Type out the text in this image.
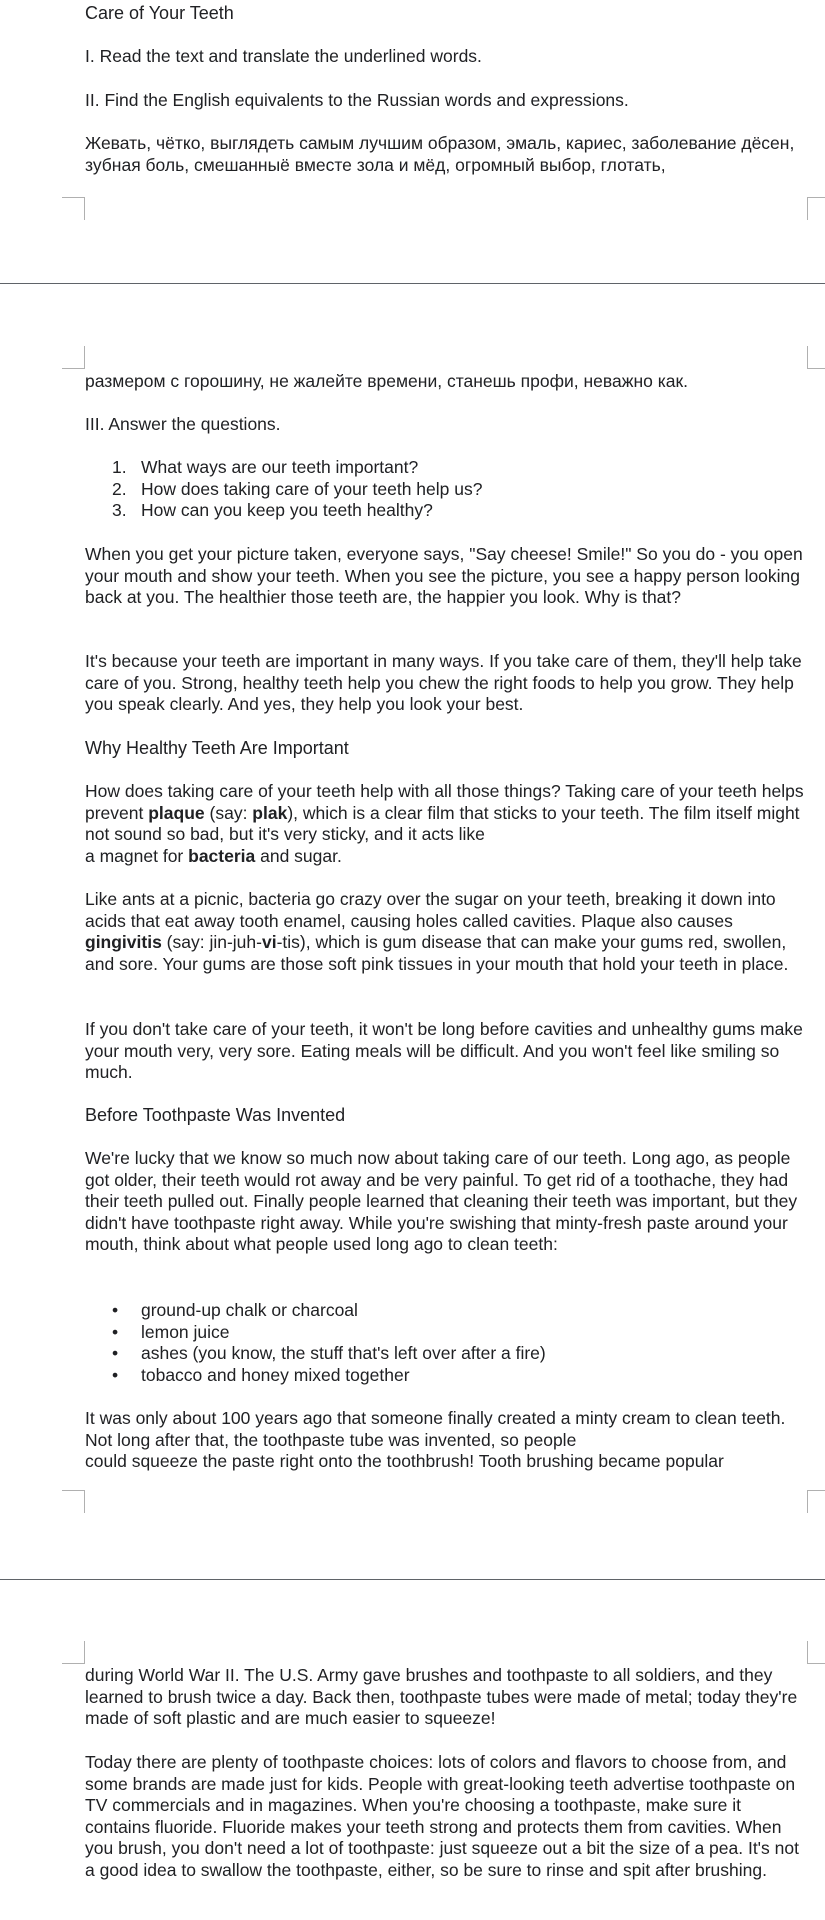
Care of Your Teeth
I. Read the text and translate the underlined words.
II. Find the English equivalents to the Russian words and expressions.
Жевать, чётко, выглядеть самым лучшим образом, эмаль, кариес, заболевание дёсен, зубная боль, смешанныё вместе зола и мёд, огромный выбор, глотать,
размером с горошину, не жалейте времени, станешь профи, неважно как.
III. Answer the questions.
1. What ways are our teeth important?
2. How does taking care of your teeth help us?
3. How can you keep you teeth healthy?
When you get your picture taken, everyone says, "Say cheese! Smile!" So you do - you open your mouth and show your teeth. When you see the picture, you see a happy person looking back at you. The healthier those teeth are, the happier you look. Why is that?
It's because your teeth are important in many ways. If you take care of them, they'll help take care of you. Strong, healthy teeth help you chew the right foods to help you grow. They help you speak clearly. And yes, they help you look your best.
Why Healthy Teeth Are Important
How does taking care of your teeth help with all those things? Taking care of your teeth helps prevent plaque (say: plak), which is a clear film that sticks to your teeth. The film itself might not sound so bad, but it's very sticky, and it acts like
a magnet for bacteria and sugar.
Like ants at a picnic, bacteria go crazy over the sugar on your teeth, breaking it down into acids that eat away tooth enamel, causing holes called cavities. Plaque also causes gingivitis (say: jin-juh-vi-tis), which is gum disease that can make your gums red, swollen, and sore. Your gums are those soft pink tissues in your mouth that hold your teeth in place.
If you don't take care of your teeth, it won't be long before cavities and unhealthy gums make your mouth very, very sore. Eating meals will be difficult. And you won't feel like smiling so much.
Before Toothpaste Was Invented
We're lucky that we know so much now about taking care of our teeth. Long ago, as people got older, their teeth would rot away and be very painful. To get rid of a toothache, they had their teeth pulled out. Finally people learned that cleaning their teeth was important, but they didn't have toothpaste right away. While you're swishing that minty-fresh paste around your mouth, think about what people used long ago to clean teeth:
• ground-up chalk or charcoal
• lemon juice
• ashes (you know, the stuff that's left over after a fire)
• tobacco and honey mixed together
It was only about 100 years ago that someone finally created a minty cream to clean teeth. Not long after that, the toothpaste tube was invented, so people
could squeeze the paste right onto the toothbrush! Tooth brushing became popular
during World War II. The U.S. Army gave brushes and toothpaste to all soldiers, and they learned to brush twice a day. Back then, toothpaste tubes were made of metal; today they're made of soft plastic and are much easier to squeeze!
Today there are plenty of toothpaste choices: lots of colors and flavors to choose from, and some brands are made just for kids. People with great-looking teeth advertise toothpaste on TV commercials and in magazines. When you're choosing a toothpaste, make sure it contains fluoride. Fluoride makes your teeth strong and protects them from cavities. When you brush, you don't need a lot of toothpaste: just squeeze out a bit the size of a pea. It's not a good idea to swallow the toothpaste, either, so be sure to rinse and spit after brushing.
